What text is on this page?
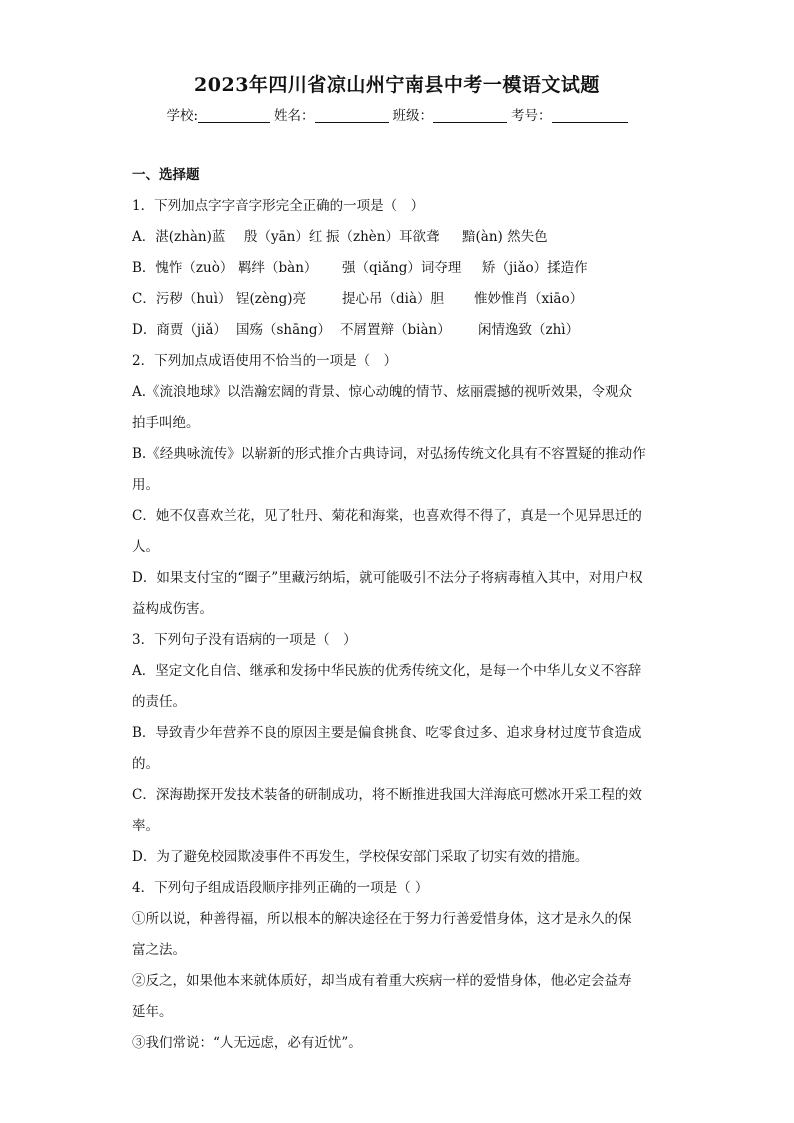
2023年四川省凉山州宁南县中考一模语文试题
学校:	姓名：	班级：	考号：
一、选择题
1．下列加点字字音字形完全正确的一项是（　）
A．湛(zhàn)蓝 殷（yān）红 振（zhèn）耳欲聋 黯(àn) 然失色
B．愧怍（zuò） 羁绊（bàn） 强（qiǎng）词夺理 矫（jiǎo）揉造作
C．污秽（huì） 锃(zèng)亮	提心吊（dià）胆 惟妙惟肖（xiāo）
D．商贾（jiǎ） 国殇（shāng） 不屑置辩（biàn） 闲情逸致（zhì）
2．下列加点成语使用不恰当的一项是（　）
A.《流浪地球》以浩瀚宏阔的背景、惊心动魄的情节、炫丽震撼的视听效果，令观众
拍手叫绝。
B.《经典咏流传》以崭新的形式推介古典诗词，对弘扬传统文化具有不容置疑的推动作
用。
C．她不仅喜欢兰花，见了牡丹、菊花和海棠，也喜欢得不得了，真是一个见异思迁的
人。
D．如果支付宝的“圈子”里藏污纳垢，就可能吸引不法分子将病毒植入其中，对用户权
益构成伤害。
3．下列句子没有语病的一项是（　）
A．坚定文化自信、继承和发扬中华民族的优秀传统文化，是每一个中华儿女义不容辞
的责任。
B．导致青少年营养不良的原因主要是偏食挑食、吃零食过多、追求身材过度节食造成
的。
C．深海勘探开发技术装备的研制成功，将不断推进我国大洋海底可燃冰开采工程的效
率。
D．为了避免校园欺凌事件不再发生，学校保安部门采取了切实有效的措施。
4．下列句子组成语段顺序排列正确的一项是（ ）
①所以说，种善得福，所以根本的解决途径在于努力行善爱惜身体，这才是永久的保
富之法。
②反之，如果他本来就体质好，却当成有着重大疾病一样的爱惜身体，他必定会益寿
延年。
③我们常说：“人无远虑，必有近忧”。
